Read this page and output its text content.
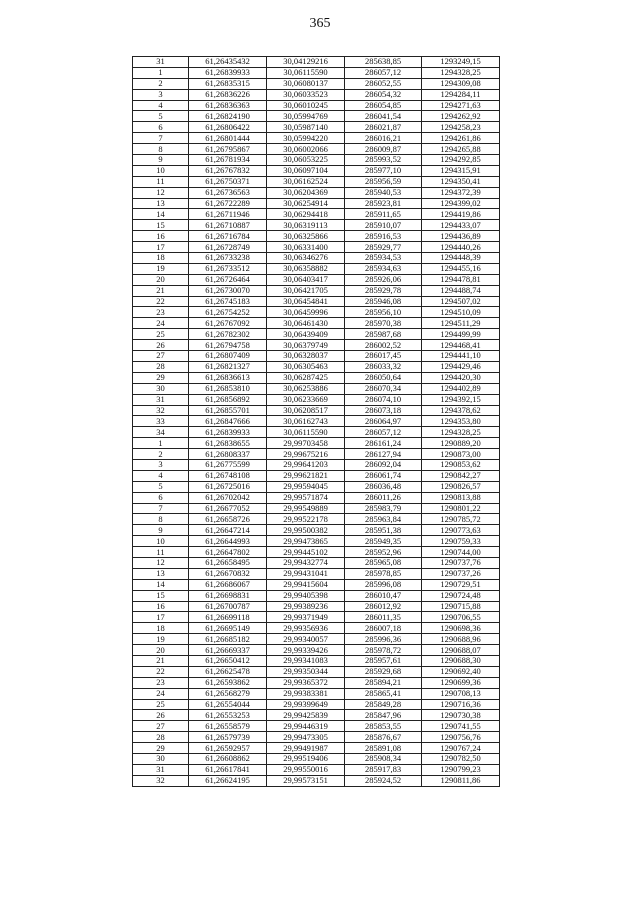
365
31	61,26435432	30,04129216	285638,85	1293249,15
1	61,26839933	30,06115590	286057,12	1294328,25
2	61,26835315	30,06080137	286052,55	1294309,08
3	61,26836226	30,06033523	286054,32	1294284,11
4	61,26836363	30,06010245	286054,85	1294271,63
5	61,26824190	30,05994769	286041,54	1294262,92
6	61,26806422	30,05987140	286021,87	1294258,23
7	61,26801444	30,05994220	286016,21	1294261,86
8	61,26795867	30,06002066	286009,87	1294265,88
9	61,26781934	30,06053225	285993,52	1294292,85
10	61,26767832	30,06097104	285977,10	1294315,91
11	61,26750371	30,06162524	285956,59	1294350,41
12	61,26736563	30,06204369	285940,53	1294372,39
13	61,26722289	30,06254914	285923,81	1294399,02
14	61,26711946	30,06294418	285911,65	1294419,86
15	61,26710887	30,06319113	285910,07	1294433,07
16	61,26716784	30,06325866	285916,53	1294436,89
17	61,26728749	30,06331400	285929,77	1294440,26
18	61,26733238	30,06346276	285934,53	1294448,39
19	61,26733512	30,06358882	285934,63	1294455,16
20	61,26726464	30,06403417	285926,06	1294478,81
21	61,26730070	30,06421705	285929,78	1294488,74
22	61,26745183	30,06454841	285946,08	1294507,02
23	61,26754252	30,06459996	285956,10	1294510,09
24	61,26767092	30,06461430	285970,38	1294511,29
25	61,26782302	30,06439409	285987,68	1294499,99
26	61,26794758	30,06379749	286002,52	1294468,41
27	61,26807409	30,06328037	286017,45	1294441,10
28	61,26821327	30,06305463	286033,32	1294429,46
29	61,26836613	30,06287425	286050,64	1294420,30
30	61,26853810	30,06253886	286070,34	1294402,89
31	61,26856892	30,06233669	286074,10	1294392,15
32	61,26855701	30,06208517	286073,18	1294378,62
33	61,26847666	30,06162743	286064,97	1294353,80
34	61,26839933	30,06115590	286057,12	1294328,25
1	61,26838655	29,99703458	286161,24	1290889,20
2	61,26808337	29,99675216	286127,94	1290873,00
3	61,26775599	29,99641203	286092,04	1290853,62
4	61,26748108	29,99621821	286061,74	1290842,27
5	61,26725016	29,99594045	286036,48	1290826,57
6	61,26702042	29,99571874	286011,26	1290813,88
7	61,26677052	29,99549889	285983,79	1290801,22
8	61,26658726	29,99522178	285963,84	1290785,72
9	61,26647214	29,99500382	285951,38	1290773,63
10	61,26644993	29,99473865	285949,35	1290759,33
11	61,26647802	29,99445102	285952,96	1290744,00
12	61,26658495	29,99432774	285965,08	1290737,76
13	61,26670832	29,99431041	285978,85	1290737,26
14	61,26686067	29,99415604	285996,08	1290729,51
15	61,26698831	29,99405398	286010,47	1290724,48
16	61,26700787	29,99389236	286012,92	1290715,88
17	61,26699118	29,99371949	286011,35	1290706,55
18	61,26695149	29,99356936	286007,18	1290698,36
19	61,26685182	29,99340057	285996,36	1290688,96
20	61,26669337	29,99339426	285978,72	1290688,07
21	61,26650412	29,99341083	285957,61	1290688,30
22	61,26625478	29,99350344	285929,68	1290692,40
23	61,26593862	29,99365372	285894,21	1290699,36
24	61,26568279	29,99383381	285865,41	1290708,13
25	61,26554044	29,99399649	285849,28	1290716,36
26	61,26553253	29,99425839	285847,96	1290730,38
27	61,26558579	29,99446319	285853,55	1290741,55
28	61,26579739	29,99473305	285876,67	1290756,76
29	61,26592957	29,99491987	285891,08	1290767,24
30	61,26608862	29,99519406	285908,34	1290782,50
31	61,26617841	29,99550016	285917,83	1290799,23
32	61,26624195	29,99573151	285924,52	1290811,86
